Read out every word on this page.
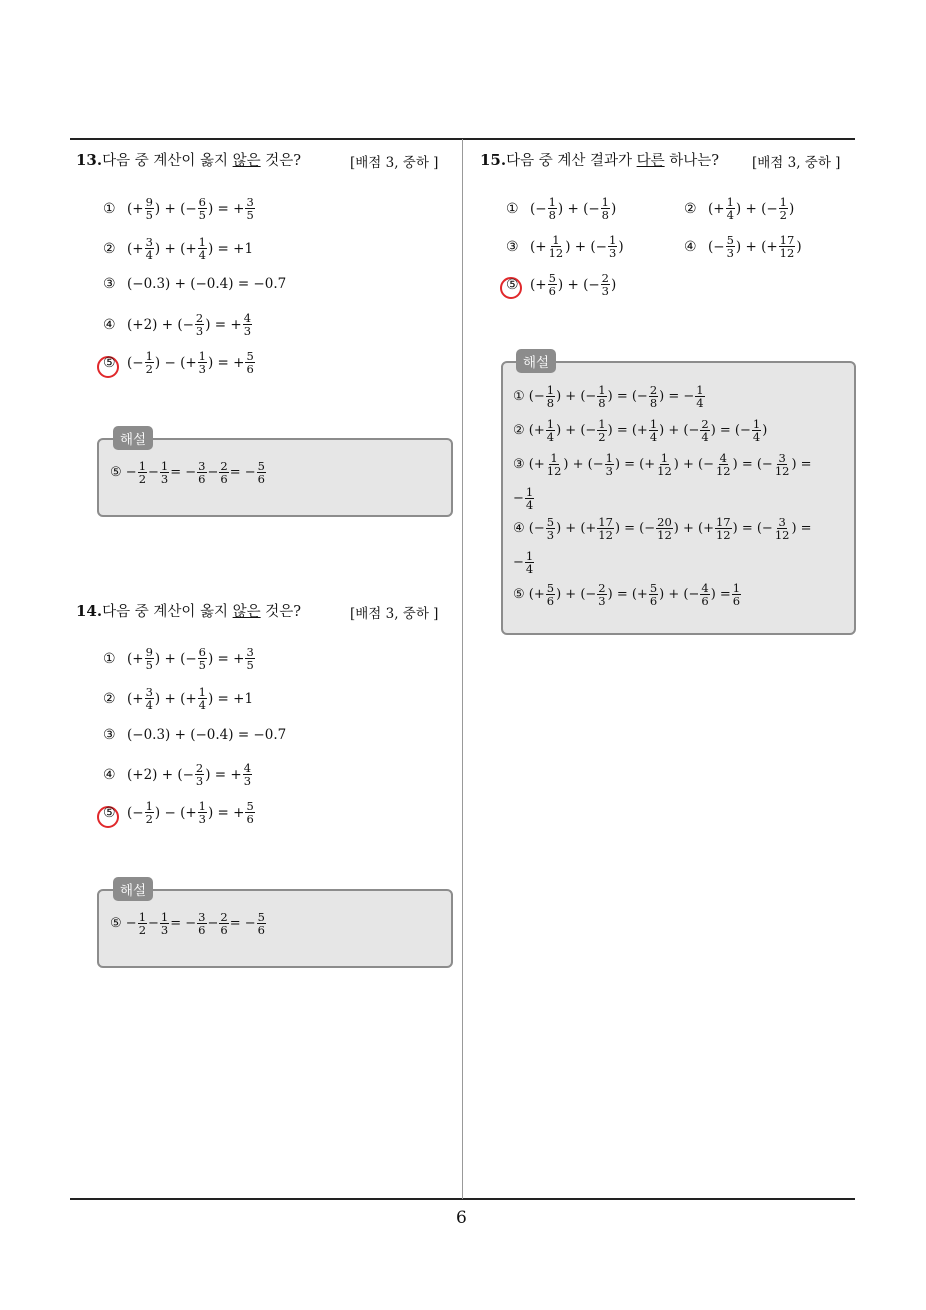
6
13.다음 중 계산이 옳지 않은 것은?	[배점 3, 중하 ]
해설
14.다음 중 계산이 옳지 않은 것은?	[배점 3, 중하 ]
해설
15.다음 중 계산 결과가 다른 하나는? [배점 3, 중하 ]
해설
① (+ $\frac{9}{5}$ ) + (− $\frac{6}{5}$ ) = + $\frac{3}{5}$
② (+ $\frac{3}{4}$ ) + (+ $\frac{1}{4}$ ) = +1
③ (−0.3) + (−0.4) = −0.7
④ (+2) + (− $\frac{2}{3}$ ) = + $\frac{4}{3}$
⑤ (− $\frac{1}{2}$ ) − (+ $\frac{1}{3}$ ) = + $\frac{5}{6}$
① (+ $\frac{9}{5}$ ) + (− $\frac{6}{5}$ ) = + $\frac{3}{5}$
② (+ $\frac{3}{4}$ ) + (+ $\frac{1}{4}$ ) = +1
③ (−0.3) + (−0.4) = −0.7
④ (+2) + (− $\frac{2}{3}$ ) = + $\frac{4}{3}$
⑤ (− $\frac{1}{2}$ ) − (+ $\frac{1}{3}$ ) = + $\frac{5}{6}$
① (− $\frac{1}{8}$ ) + (− $\frac{1}{8}$ )	② (+ $\frac{1}{4}$ ) + (− $\frac{1}{2}$ )
③ (+ $\frac{1}{12}$ ) + (− $\frac{1}{3}$ )	④ (− $\frac{5}{3}$ ) + (+ $\frac{17}{12}$ )
⑤ (+ $\frac{5}{6}$ ) + (− $\frac{2}{3}$ )
⑤ − $\frac{1}{2} - \frac{1}{3}$ = − $\frac{3}{6} - \frac{2}{6}$ = − $\frac{5}{6}$
⑤ − $\frac{1}{2} - \frac{1}{3}$ = − $\frac{3}{6} - \frac{2}{6}$ = − $\frac{5}{6}$
① (− $\frac{1}{8}$ ) + (− $\frac{1}{8}$ ) = (− $\frac{2}{8}$ ) = − $\frac{1}{4}$
② (+ $\frac{1}{4}$ ) + (− $\frac{1}{2}$ ) = (+ $\frac{1}{4}$ ) + (− $\frac{2}{4}$ ) = (− $\frac{1}{4}$ )
③ (+ $\frac{1}{12}$ ) + (− $\frac{1}{3}$ ) = (+ $\frac{1}{12}$ ) + (− $\frac{4}{12}$ ) = (− $\frac{3}{12}$ ) =
− $\frac{1}{4}$
④ (− $\frac{5}{3}$ ) + (+ $\frac{17}{12}$ ) = (− $\frac{20}{12}$ ) + (+ $\frac{17}{12}$ ) = (− $\frac{3}{12}$ ) =
− $\frac{1}{4}$
⑤ (+ $\frac{5}{6}$ ) + (− $\frac{2}{3}$ ) = (+ $\frac{5}{6}$ ) + (− $\frac{4}{6}$ ) = $\frac{1}{6}$
